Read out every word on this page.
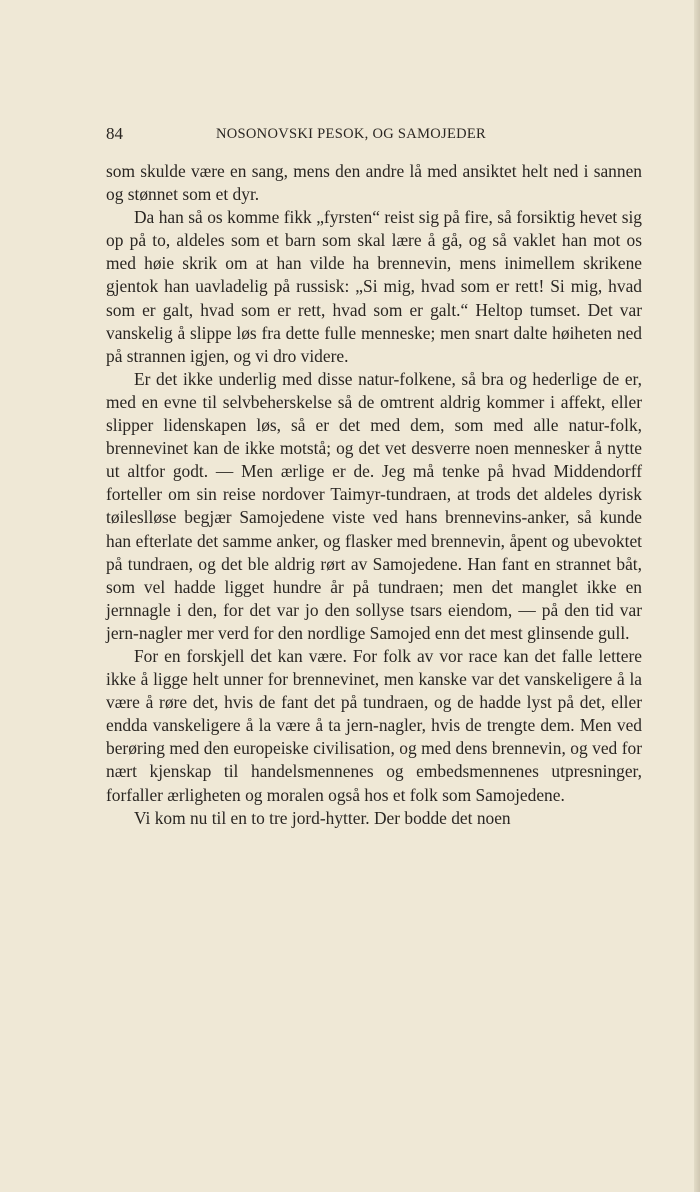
84	NOSONOVSKI PESOK, OG SAMOJEDER

som skulde være en sang, mens den andre lå med ansiktet helt ned i sannen og stønnet som et dyr.

Da han så os komme fikk „fyrsten“ reist sig på fire, så forsiktig hevet sig op på to, aldeles som et barn som skal lære å gå, og så vaklet han mot os med høie skrik om at han vilde ha brennevin, mens inimellem skrikene gjentok han uavladelig på russisk: „Si mig, hvad som er rett! Si mig, hvad som er galt, hvad som er rett, hvad som er galt.“ Heltop tumset. Det var vanskelig å slippe løs fra dette fulle menneske; men snart dalte høiheten ned på strannen igjen, og vi dro videre.

Er det ikke underlig med disse natur-folkene, så bra og hederlige de er, med en evne til selvbeherskelse så de omtrent aldrig kommer i affekt, eller slipper lidenskapen løs, så er det med dem, som med alle natur-folk, brennevinet kan de ikke motstå; og det vet desverre noen mennesker å nytte ut altfor godt. — Men ærlige er de. Jeg må tenke på hvad Middendorff forteller om sin reise nordover Taimyr-tundraen, at trods det aldeles dyrisk tøileslløse begjær Samojedene viste ved hans brennevins-anker, så kunde han efterlate det samme anker, og flasker med brennevin, åpent og ubevoktet på tundraen, og det ble aldrig rørt av Samojedene. Han fant en strannet båt, som vel hadde ligget hundre år på tundraen; men det manglet ikke en jernnagle i den, for det var jo den sollyse tsars eiendom, — på den tid var jern-nagler mer verd for den nordlige Samojed enn det mest glinsende gull.

For en forskjell det kan være. For folk av vor race kan det falle lettere ikke å ligge helt unner for brennevinet, men kanske var det vanskeligere å la være å røre det, hvis de fant det på tundraen, og de hadde lyst på det, eller endda vanskeligere å la være å ta jern-nagler, hvis de trengte dem. Men ved berøring med den europeiske civilisation, og med dens brennevin, og ved for nært kjenskap til handelsmennenes og embedsmennenes utpresninger, forfaller ærligheten og moralen også hos et folk som Samojedene.

Vi kom nu til en to tre jord-hytter. Der bodde det noen
